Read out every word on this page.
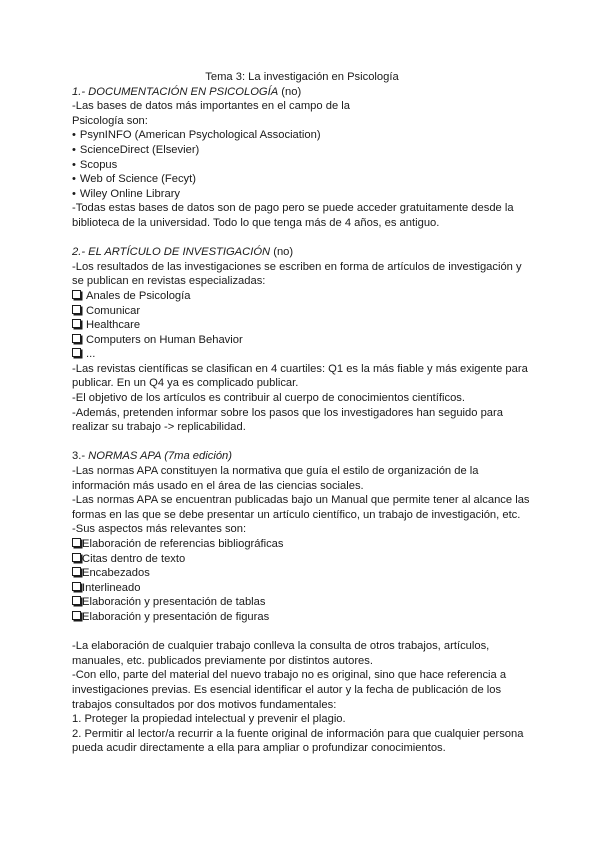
Tema 3: La investigación en Psicología

1.- DOCUMENTACIÓN EN PSICOLOGÍA (no)

-Las bases de datos más importantes en el campo de la

Psicología son:

• PsynINFO (American Psychological Association)

• ScienceDirect (Elsevier)

• Scopus

• Web of Science (Fecyt)

• Wiley Online Library

-Todas estas bases de datos son de pago pero se puede acceder gratuitamente desde la

biblioteca de la universidad. Todo lo que tenga más de 4 años, es antiguo.

2.- EL ARTÍCULO DE INVESTIGACIÓN (no)

-Los resultados de las investigaciones se escriben en forma de artículos de investigación y

se publican en revistas especializadas:

Anales de Psicología

Comunicar

Healthcare

Computers on Human Behavior

...

-Las revistas científicas se clasifican en 4 cuartiles: Q1 es la más fiable y más exigente para

publicar. En un Q4 ya es complicado publicar.

-El objetivo de los artículos es contribuir al cuerpo de conocimientos científicos.

-Además, pretenden informar sobre los pasos que los investigadores han seguido para

realizar su trabajo -> replicabilidad.

3.- NORMAS APA (7ma edición)

-Las normas APA constituyen la normativa que guía el estilo de organización de la

información más usado en el área de las ciencias sociales.

-Las normas APA se encuentran publicadas bajo un Manual que permite tener al alcance las

formas en las que se debe presentar un artículo científico, un trabajo de investigación, etc.

-Sus aspectos más relevantes son:

Elaboración de referencias bibliográficas

Citas dentro de texto

Encabezados

Interlineado

Elaboración y presentación de tablas

Elaboración y presentación de figuras

-La elaboración de cualquier trabajo conlleva la consulta de otros trabajos, artículos,

manuales, etc. publicados previamente por distintos autores.

-Con ello, parte del material del nuevo trabajo no es original, sino que hace referencia a

investigaciones previas. Es esencial identificar el autor y la fecha de publicación de los

trabajos consultados por dos motivos fundamentales:

1. Proteger la propiedad intelectual y prevenir el plagio.

2. Permitir al lector/a recurrir a la fuente original de información para que cualquier persona

pueda acudir directamente a ella para ampliar o profundizar conocimientos.
